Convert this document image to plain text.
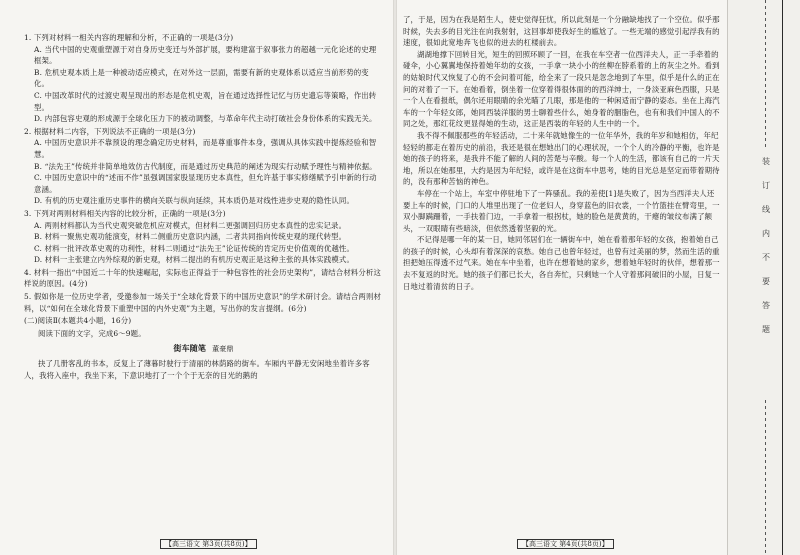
1. 下列对材料一相关内容的理解和分析，不正确的一项是(3分)
A. 当代中国的史观重塑源于对自身历史变迁与外部扩展，要构建富于叙事张力的超越一元化论述的史理框架。
B. 危机史观本质上是一种被动适应模式，在对外这一层面，需要有新的史观体系以适应当前形势的变化。
C. 中国改革时代的过渡史观呈现出的形态是危机史观，旨在通过选择性记忆与历史遗忘等策略，作出转型。
D. 内部包容史观的形成源于全球化压力下的被动调整，与革命年代主动打破社会身份体系的实践无关。
2. 根据材料二内容，下列说法不正确的一项是(3分)
A. 中国历史意识并不靠预设的理念确定历史材料，而是尊重事件本身，强调从具体实践中提炼经验和智慧。
B. “法先王”传统并非简单地效仿古代制度，而是通过历史典范的阐述为现实行动赋予理性与精神依据。
C. 中国历史意识中的“述而不作”虽强调国家股显现历史本真性，但允许基于事实修缮赋予引申新的行动意涵。
D. 有机的历史观注重历史事件的横向关联与纵向延续，其本质仍是对线性进步史观的隐性认同。
3. 下列对两则材料相关内容的比较分析，正确的一项是(3分)
A. 两则材料都认为当代史观突破危机应对模式，但材料二更强调回归历史本真性的忠实记录。
B. 材料一聚焦史观功能演变，材料二侧重历史意识内涵，二者共同指向传统史观的现代转型。
C. 材料一批评改革史观的功利性，材料二则通过“法先王”论证传统的肯定历史价值观的优越性。
D. 材料一主张建立内外综观的新史观，材料二提出的有机历史观正是这种主张的具体实践模式。
4. 材料一指出“中国近二十年的快速崛起，实际也正得益于一种包容性的社会历史架构”，请结合材料分析这样说的原因。(4分)
5. 假如你是一位历史学者，受邀参加一场关于“全球化背景下的中国历史意识”的学术研讨会。请结合两则材料，以“如何在全球化背景下重塑中国的内外史观”为主题，写出你的发言提纲。(6分)
(二)阅读Ⅱ(本题共4小题，16分)
阅读下面的文字，完成6～9题。
街车随笔 董豪鼎
抉了几册客乱的书本，反复上了薄暮时驶行于清丽的林荫路的街车。车厢内平静无安闲地坐着许多客人，我将入座中，我坐下来，下意识地打了一个个于无奈的目光的鹅的
【高三语文 第3页(共8页)】
了，于是，因为在我是陌生人，使史觉得狂忧，所以此刻是一个分融缺地找了一个空位。似乎那时候，失去多的目光注在向我射射，这回事却使我好生的尴尬了。一些无端的感觉引起浮我有的速度，很如此宽地奔飞也似的迸去的杠楼前去。
湖湖地撑下回转目光，短生的回照环顾了一回，在我在车空者一位西洋夫人，正一手牵着的碰伞，小心翼翼地保持着她年幼的女孩，一手拿一块小小的丝柳在脖系着的上的灰尘之外。看到的姑娘时代又恢复了心的不会问着可能，给全来了一段只是忽念地到了车里，似乎是什么的正在问的对着了一下。在她看着，倒坐着一位穿着得很体面的的西洋绅士，一身淡亚麻色西服，只是一个人在看报纸，偶尔还用眼睛的余光瞄了几眼，那是他的一种闲适而宁静的姿态。坐在上海汽车的一个年轻女郎，她同西装洋服的男士聊着些什么，她身着的胭脂色，也有和我们中国人的不同之处，那红花纹更显得她的生动，这正是西装的年轻的人生中的一个。
我不得不佩服那些的年轻活动，二十来年就她像生的一位年华外，我的年岁和她相仿，年纪轻轻的都走在着历史的前沿，我还是很在想她出门的心理状况，一个个人的冷静的平衡，也许是她的孩子的将来，是我并不能了解的人间的苦楚与辛酸。每一个人的生活，都该有自己的一片天地，所以在她那里，大约是因为年纪轻，或许是在这街车中思考，她的目光总是坚定而带着期待的，没有那种苦恼的神色。
车停在一个站上，车室中停驻地下了一阵骚乱。我的差使[1]是失败了，因为当西洋夫人还要上车的时候，门口的人堆里出现了一位老妇人，身穿蓝色的旧衣裳，一个竹篮挂在臂弯里，一双小脚蹒跚着，一手扶着门边，一手拿着一根拐杖，她的脸色是黄黄的，干瘪的皱纹布满了额头，一双眼睛有些暗淡，但依然透着坚毅的光。
不记得是哪一年的某一日，她同邻居们在一辆街车中，她在看着那年轻的女孩，抱着她自己的孩子的时候，心头却有着深深的哀愁。她自己也曾年轻过，也曾有过美丽的梦，然而生活的重担把她压得透不过气来。她在车中坐着，也许在想着她的家乡，想着她年轻时的伙伴，想着那一去不复返的时光。她的孩子们都已长大，各自奔忙，只剩她一个人守着那间破旧的小屋，日复一日地过着清贫的日子。
【高三语文 第4页(共8页)】
装 订 线 内 不 要 答 题
